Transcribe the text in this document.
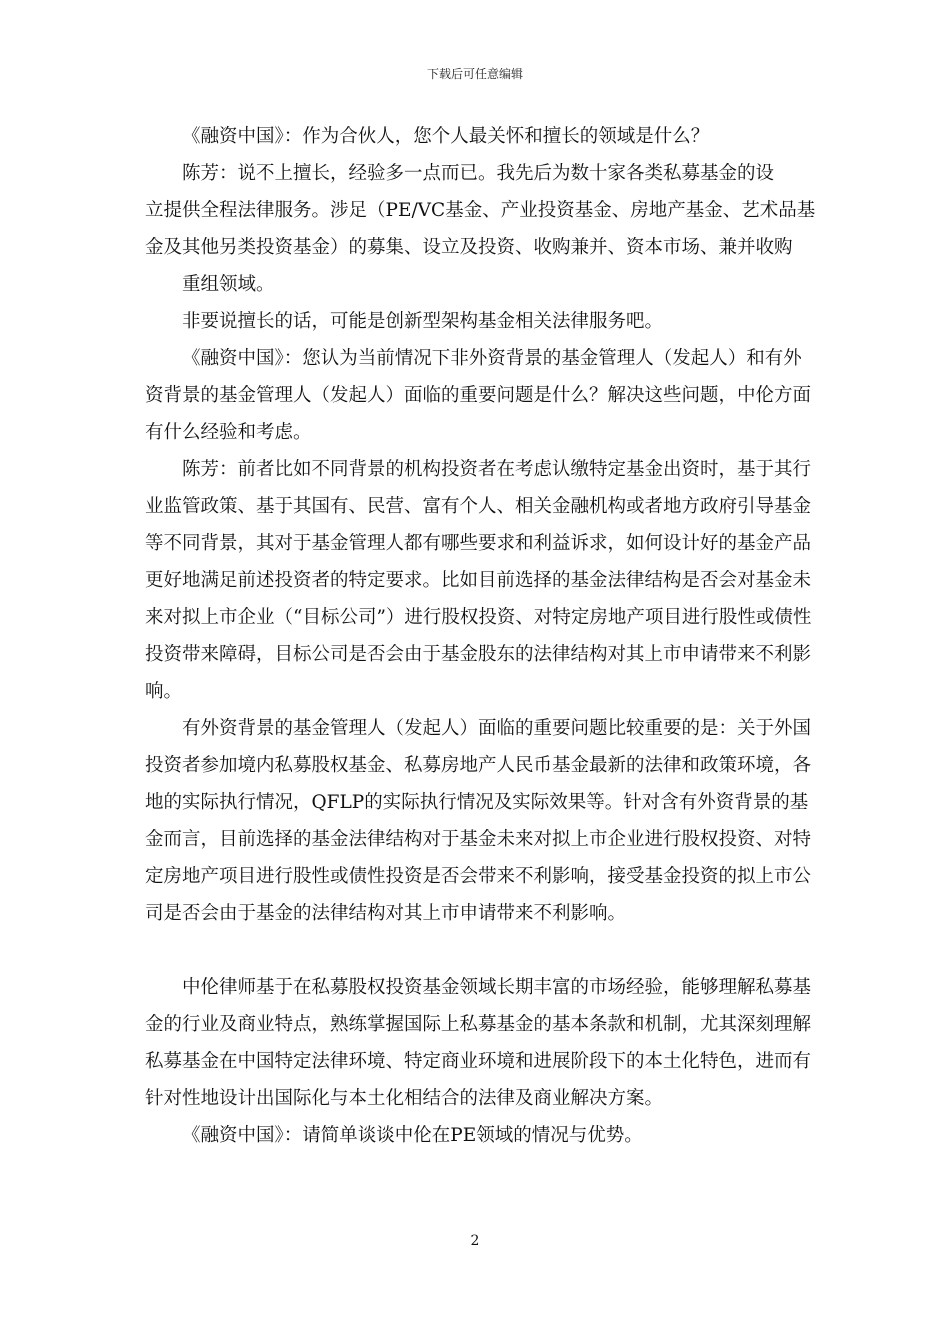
下载后可任意编辑

《融资中国》：作为合伙人，您个人最关怀和擅长的领域是什么？

陈芳：说不上擅长，经验多一点而已。我先后为数十家各类私募基金的设

立提供全程法律服务。涉足（PE/VC基金、产业投资基金、房地产基金、艺术品基金及其他另类投资基金）的募集、设立及投资、收购兼并、资本市场、兼并收购

重组领域。

非要说擅长的话，可能是创新型架构基金相关法律服务吧。

《融资中国》：您认为当前情况下非外资背景的基金管理人（发起人）和有外资背景的基金管理人（发起人）面临的重要问题是什么？解决这些问题，中伦方面有什么经验和考虑。

陈芳：前者比如不同背景的机构投资者在考虑认缴特定基金出资时，基于其行业监管政策、基于其国有、民营、富有个人、相关金融机构或者地方政府引导基金等不同背景，其对于基金管理人都有哪些要求和利益诉求，如何设计好的基金产品更好地满足前述投资者的特定要求。比如目前选择的基金法律结构是否会对基金未来对拟上市企业（“目标公司”）进行股权投资、对特定房地产项目进行股性或债性投资带来障碍，目标公司是否会由于基金股东的法律结构对其上市申请带来不利影响。

有外资背景的基金管理人（发起人）面临的重要问题比较重要的是：关于外国投资者参加境内私募股权基金、私募房地产人民币基金最新的法律和政策环境，各地的实际执行情况，QFLP的实际执行情况及实际效果等。针对含有外资背景的基金而言，目前选择的基金法律结构对于基金未来对拟上市企业进行股权投资、对特定房地产项目进行股性或债性投资是否会带来不利影响，接受基金投资的拟上市公司是否会由于基金的法律结构对其上市申请带来不利影响。

中伦律师基于在私募股权投资基金领域长期丰富的市场经验，能够理解私募基金的行业及商业特点，熟练掌握国际上私募基金的基本条款和机制，尤其深刻理解私募基金在中国特定法律环境、特定商业环境和进展阶段下的本土化特色，进而有针对性地设计出国际化与本土化相结合的法律及商业解决方案。

《融资中国》：请简单谈谈中伦在PE领域的情况与优势。

2
